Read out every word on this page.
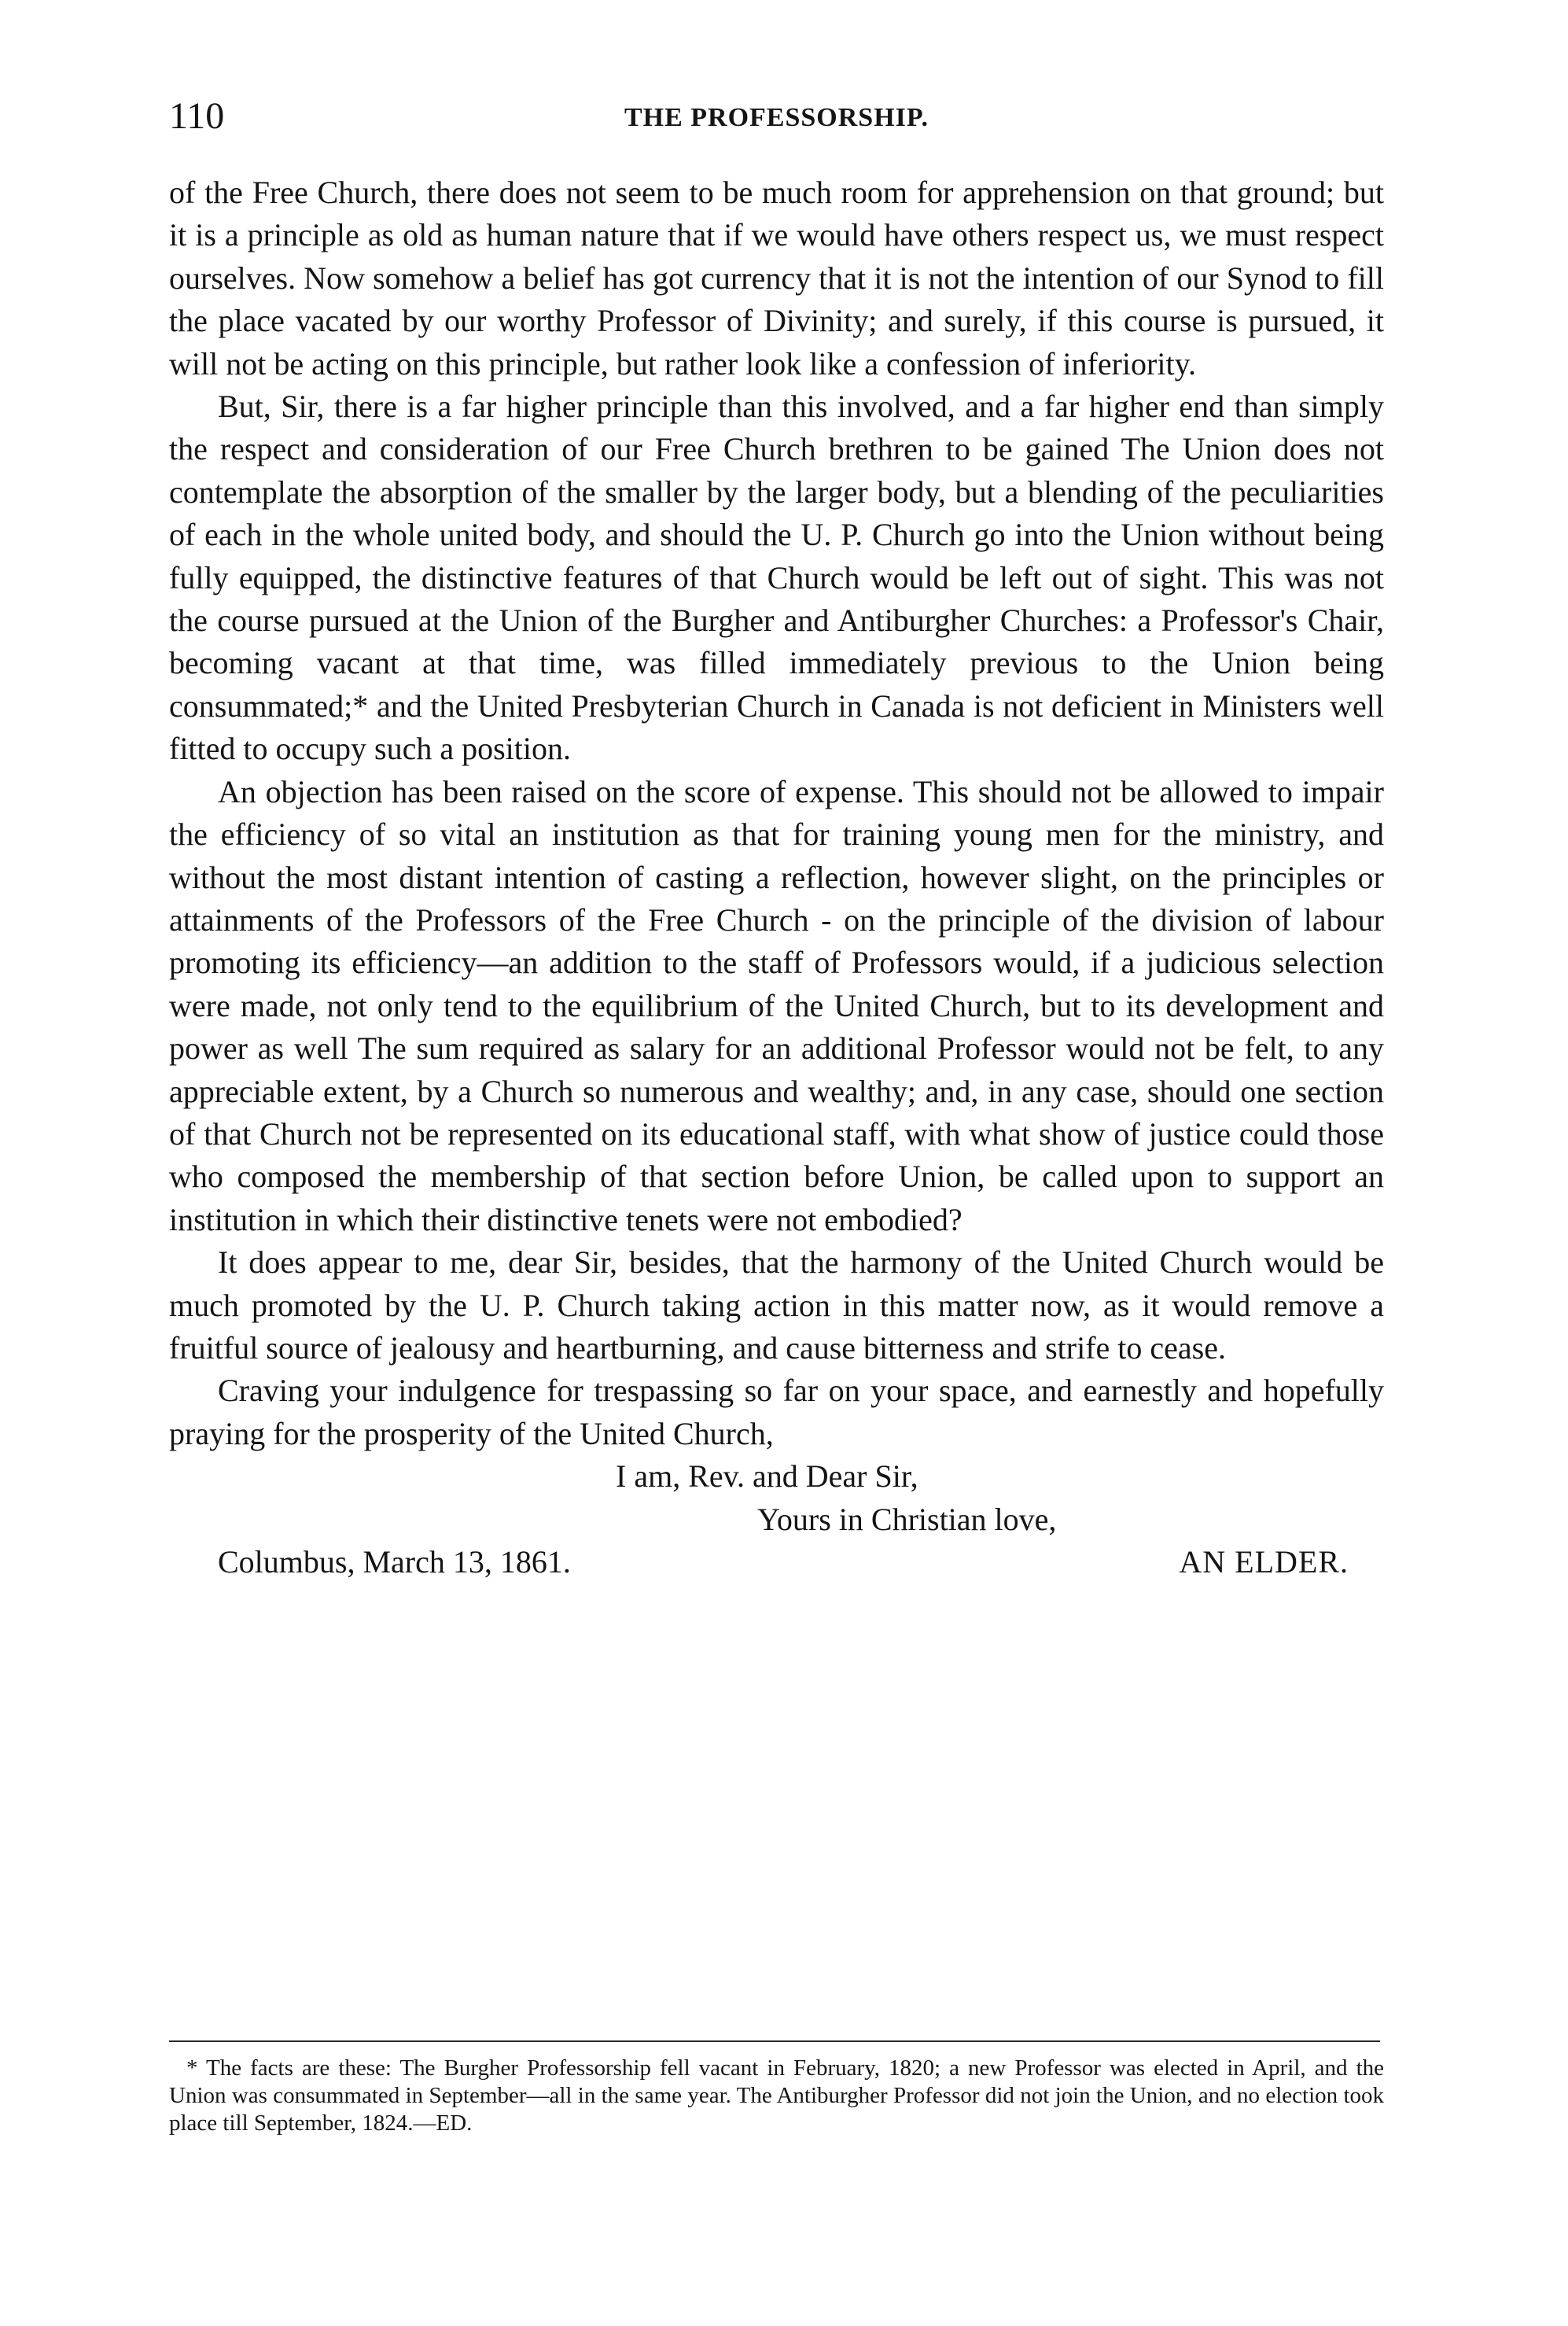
110	THE PROFESSORSHIP.

of the Free Church, there does not seem to be much room for apprehension on that ground; but it is a principle as old as human nature that if we would have others respect us, we must respect ourselves. Now somehow a belief has got currency that it is not the intention of our Synod to fill the place vacated by our worthy Professor of Divinity; and surely, if this course is pursued, it will not be acting on this principle, but rather look like a confession of inferiority.

But, Sir, there is a far higher principle than this involved, and a far higher end than simply the respect and consideration of our Free Church brethren to be gained The Union does not contemplate the absorption of the smaller by the larger body, but a blending of the peculiarities of each in the whole united body, and should the U. P. Church go into the Union without being fully equipped, the distinctive features of that Church would be left out of sight. This was not the course pursued at the Union of the Burgher and Antiburgher Churches: a Professor's Chair, becoming vacant at that time, was filled immediately previous to the Union being consummated;* and the United Presbyterian Church in Canada is not deficient in Ministers well fitted to occupy such a position.

An objection has been raised on the score of expense. This should not be allowed to impair the efficiency of so vital an institution as that for training young men for the ministry, and without the most distant intention of casting a reflection, however slight, on the principles or attainments of the Professors of the Free Church - on the principle of the division of labour promoting its efficiency—an addition to the staff of Professors would, if a judicious selection were made, not only tend to the equilibrium of the United Church, but to its development and power as well The sum required as salary for an additional Professor would not be felt, to any appreciable extent, by a Church so numerous and wealthy; and, in any case, should one section of that Church not be represented on its educational staff, with what show of justice could those who composed the membership of that section before Union, be called upon to support an institution in which their distinctive tenets were not embodied?

It does appear to me, dear Sir, besides, that the harmony of the United Church would be much promoted by the U. P. Church taking action in this matter now, as it would remove a fruitful source of jealousy and heartburning, and cause bitterness and strife to cease.

Craving your indulgence for trespassing so far on your space, and earnestly and hopefully praying for the prosperity of the United Church,

I am, Rev. and Dear Sir,
Yours in Christian love,
Columbus, March 13, 1861.	AN ELDER.

* The facts are these: The Burgher Professorship fell vacant in February, 1820; a new Professor was elected in April, and the Union was consummated in September—all in the same year. The Antiburgher Professor did not join the Union, and no election took place till September, 1824.—ED.
